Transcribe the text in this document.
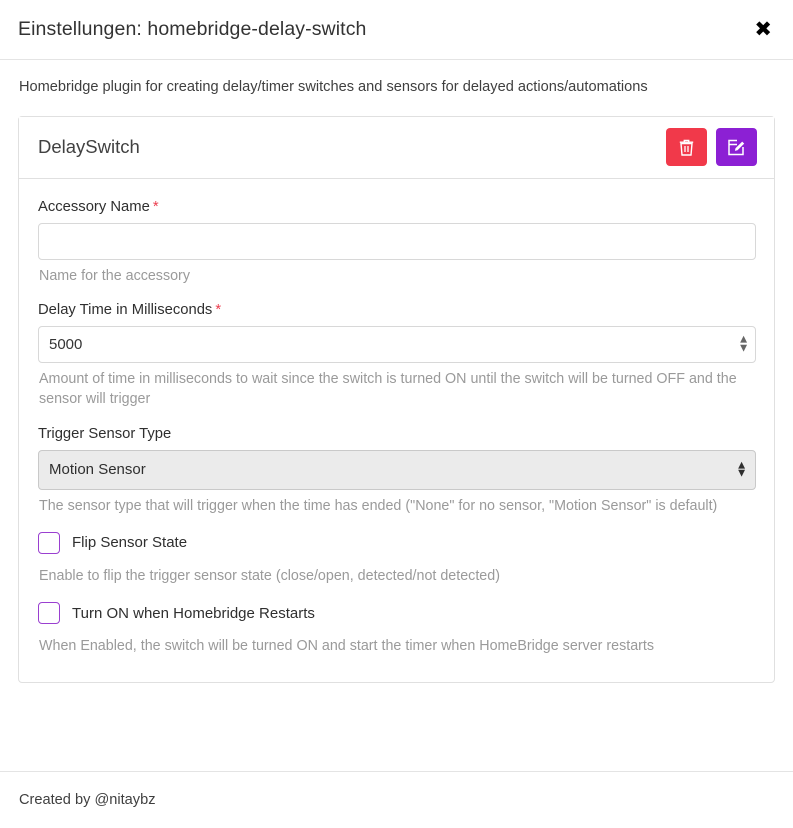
Einstellungen: homebridge-delay-switch	✖

Homebridge plugin for creating delay/timer switches and sensors for delayed actions/automations

DelaySwitch
Accessory Name *
Name for the accessory
Delay Time in Milliseconds *
5000
▲
▼
Amount of time in milliseconds to wait since the switch is turned ON until the switch will be turned OFF and the sensor will trigger
Trigger Sensor Type
Motion Sensor
▲
▼
The sensor type that will trigger when the time has ended ("None" for no sensor, "Motion Sensor" is default)
Flip Sensor State
Enable to flip the trigger sensor state (close/open, detected/not detected)
Turn ON when Homebridge Restarts
When Enabled, the switch will be turned ON and start the timer when HomeBridge server restarts
Created by @nitaybz
